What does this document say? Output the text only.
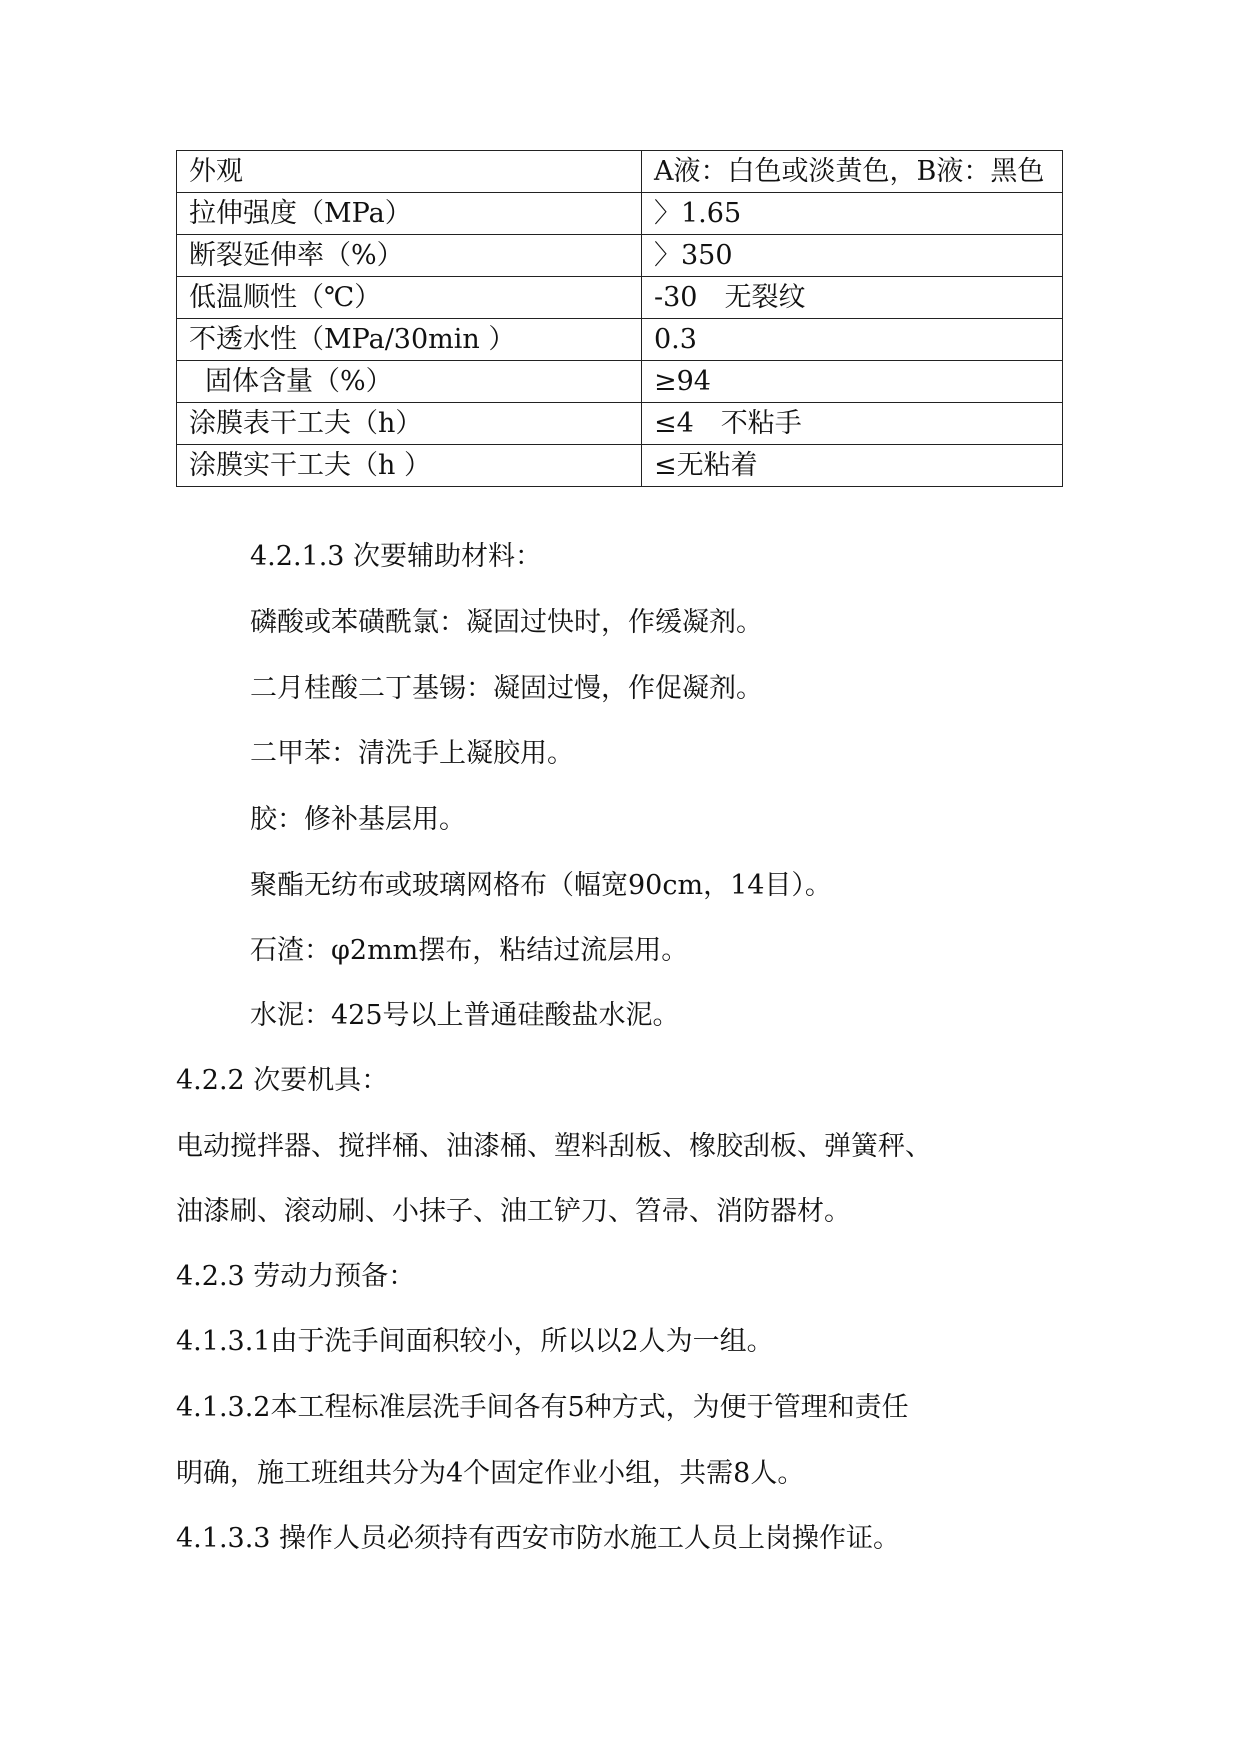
外观	A液：白色或淡黄色，B液：黑色
拉伸强度（MPa）	〉1.65
断裂延伸率（%）	〉350
低温顺性（℃）	-30　无裂纹
不透水性（MPa/30min ）	0.3
固体含量（%）	≥94
涂膜表干工夫（h）	≤4　不粘手
涂膜实干工夫（h ）	≤无粘着
4.2.1.3 次要辅助材料：
磷酸或苯磺酰氯：凝固过快时，作缓凝剂。
二月桂酸二丁基锡：凝固过慢，作促凝剂。
二甲苯：清洗手上凝胶用。
胶：修补基层用。
聚酯无纺布或玻璃网格布（幅宽90cm，14目）。
石渣：φ2mm摆布，粘结过流层用。
水泥：425号以上普通硅酸盐水泥。
4.2.2 次要机具：
电动搅拌器、搅拌桶、油漆桶、塑料刮板、橡胶刮板、弹簧秤、
油漆刷、滚动刷、小抹子、油工铲刀、笤帚、消防器材。
4.2.3 劳动力预备：
4.1.3.1由于洗手间面积较小，所以以2人为一组。
4.1.3.2本工程标准层洗手间各有5种方式，为便于管理和责任
明确，施工班组共分为4个固定作业小组，共需8人。
4.1.3.3 操作人员必须持有西安市防水施工人员上岗操作证。
